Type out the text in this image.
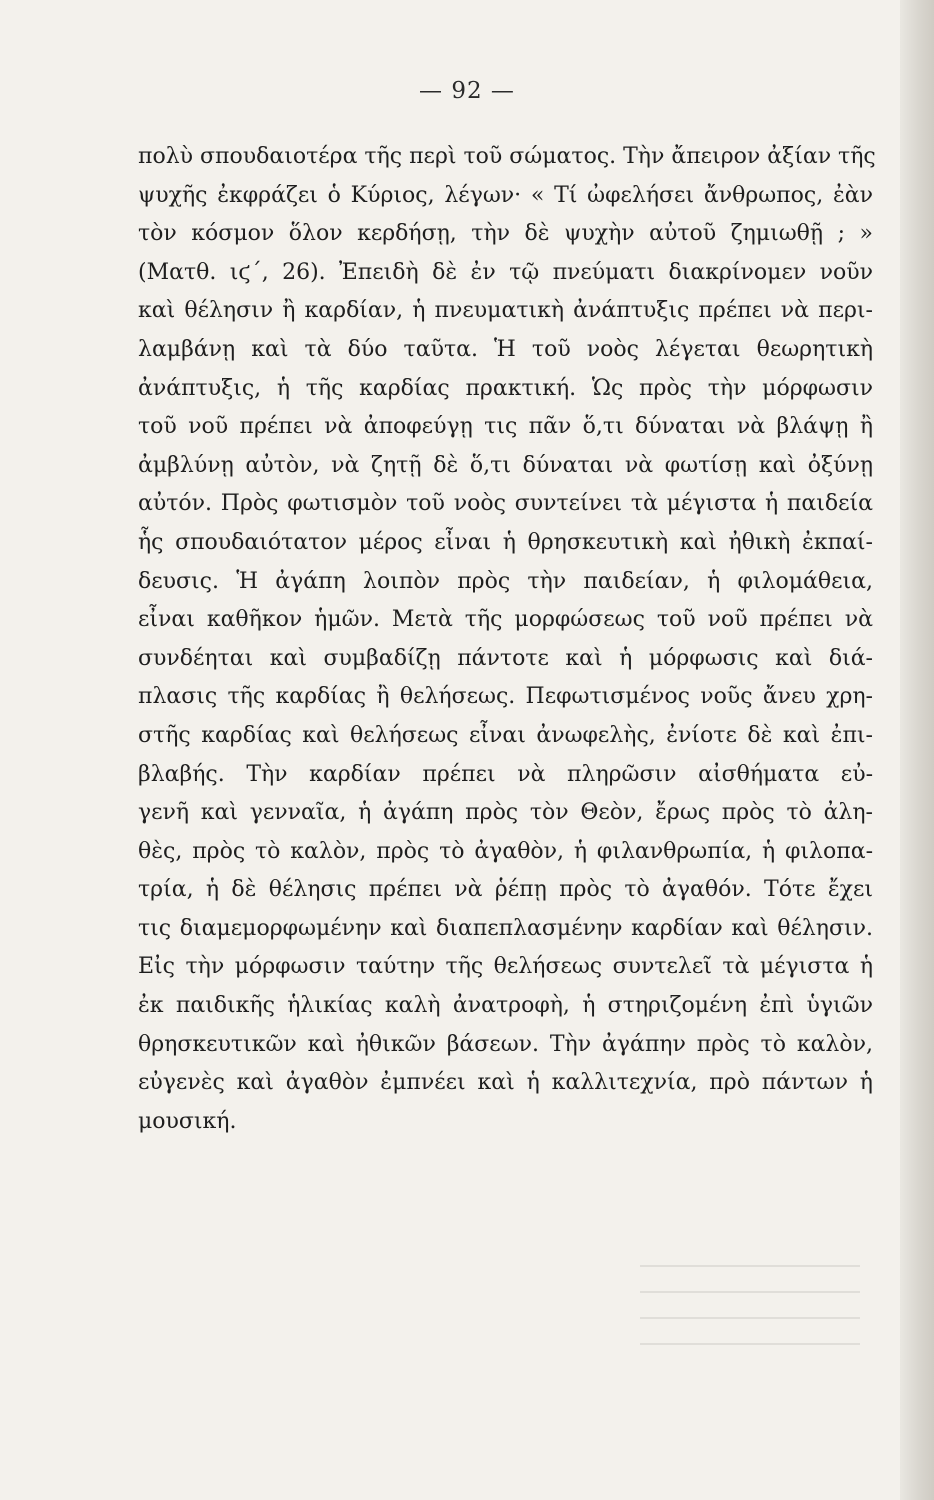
— 92 —
πολὺ σπουδαιοτέρα τῆς περὶ τοῦ σώματος. Τὴν ἄπειρον ἀξίαν τῆς
ψυχῆς ἐκφράζει ὁ Κύριος, λέγων· « Τί ὠφελήσει ἄνθρωπος, ἐὰν
τὸν κόσμον ὅλον κερδήσῃ, τὴν δὲ ψυχὴν αὐτοῦ ζημιωθῇ ; »
(Ματθ. ιϛ΄, 26). Ἐπειδὴ δὲ ἐν τῷ πνεύματι διακρίνομεν νοῦν
καὶ θέλησιν ἢ καρδίαν, ἡ πνευματικὴ ἀνάπτυξις πρέπει νὰ περι-
λαμβάνῃ καὶ τὰ δύο ταῦτα. Ἡ τοῦ νοὸς λέγεται θεωρητικὴ
ἀνάπτυξις, ἡ τῆς καρδίας πρακτική. Ὡς πρὸς τὴν μόρφωσιν
τοῦ νοῦ πρέπει νὰ ἀποφεύγῃ τις πᾶν ὅ,τι δύναται νὰ βλάψῃ ἢ
ἀμβλύνῃ αὐτὸν, νὰ ζητῇ δὲ ὅ,τι δύναται νὰ φωτίσῃ καὶ ὀξύνῃ
αὐτόν. Πρὸς φωτισμὸν τοῦ νοὸς συντείνει τὰ μέγιστα ἡ παιδεία
ἧς σπουδαιότατον μέρος εἶναι ἡ θρησκευτικὴ καὶ ἠθικὴ ἐκπαί-
δευσις. Ἡ ἀγάπη λοιπὸν πρὸς τὴν παιδείαν, ἡ φιλομάθεια,
εἶναι καθῆκον ἡμῶν. Μετὰ τῆς μορφώσεως τοῦ νοῦ πρέπει νὰ
συνδέηται καὶ συμβαδίζῃ πάντοτε καὶ ἡ μόρφωσις καὶ διά-
πλασις τῆς καρδίας ἢ θελήσεως. Πεφωτισμένος νοῦς ἄνευ χρη-
στῆς καρδίας καὶ θελήσεως εἶναι ἀνωφελὴς, ἐνίοτε δὲ καὶ ἐπι-
βλαβής. Τὴν καρδίαν πρέπει νὰ πληρῶσιν αἰσθήματα εὐ-
γενῆ καὶ γενναῖα, ἡ ἀγάπη πρὸς τὸν Θεὸν, ἔρως πρὸς τὸ ἀλη-
θὲς, πρὸς τὸ καλὸν, πρὸς τὸ ἀγαθὸν, ἡ φιλανθρωπία, ἡ φιλοπα-
τρία, ἡ δὲ θέλησις πρέπει νὰ ῥέπῃ πρὸς τὸ ἀγαθόν. Τότε ἔχει
τις διαμεμορφωμένην καὶ διαπεπλασμένην καρδίαν καὶ θέλησιν.
Εἰς τὴν μόρφωσιν ταύτην τῆς θελήσεως συντελεῖ τὰ μέγιστα ἡ
ἐκ παιδικῆς ἡλικίας καλὴ ἀνατροφὴ, ἡ στηριζομένη ἐπὶ ὑγιῶν
θρησκευτικῶν καὶ ἠθικῶν βάσεων. Τὴν ἀγάπην πρὸς τὸ καλὸν,
εὐγενὲς καὶ ἀγαθὸν ἐμπνέει καὶ ἡ καλλιτεχνία, πρὸ πάντων ἡ
μουσική.
